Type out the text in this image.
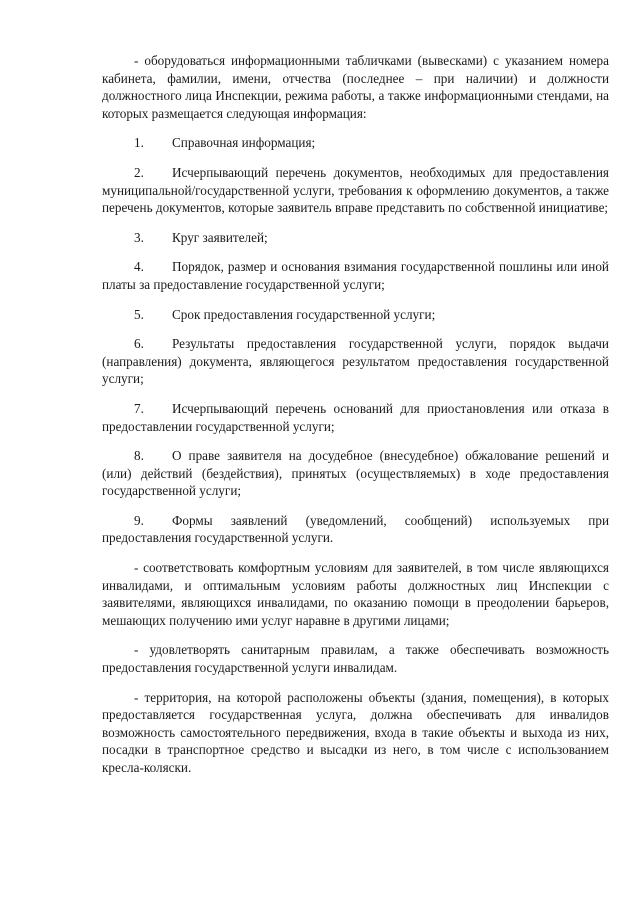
- оборудоваться информационными табличками (вывесками) с указанием номера кабинета, фамилии, имени, отчества (последнее – при наличии) и должности должностного лица Инспекции, режима работы, а также информационными стендами, на которых размещается следующая информация:

1. Справочная информация;

2. Исчерпывающий перечень документов, необходимых для предоставления муниципальной/государственной услуги, требования к оформлению документов, а также перечень документов, которые заявитель вправе представить по собственной инициативе;

3. Круг заявителей;

4. Порядок, размер и основания взимания государственной пошлины или иной платы за предоставление государственной услуги;

5. Срок предоставления государственной услуги;

6. Результаты предоставления государственной услуги, порядок выдачи (направления) документа, являющегося результатом предоставления государственной услуги;

7. Исчерпывающий перечень оснований для приостановления или отказа в предоставлении государственной услуги;

8. О праве заявителя на досудебное (внесудебное) обжалование решений и (или) действий (бездействия), принятых (осуществляемых) в ходе предоставления государственной услуги;

9. Формы заявлений (уведомлений, сообщений) используемых при предоставления государственной услуги.

- соответствовать комфортным условиям для заявителей, в том числе являющихся инвалидами, и оптимальным условиям работы должностных лиц Инспекции с заявителями, являющихся инвалидами, по оказанию помощи в преодолении барьеров, мешающих получению ими услуг наравне в другими лицами;

- удовлетворять санитарным правилам, а также обеспечивать возможность предоставления государственной услуги инвалидам.

- территория, на которой расположены объекты (здания, помещения), в которых предоставляется государственная услуга, должна обеспечивать для инвалидов возможность самостоятельного передвижения, входа в такие объекты и выхода из них, посадки в транспортное средство и высадки из него, в том числе с использованием кресла-коляски.
